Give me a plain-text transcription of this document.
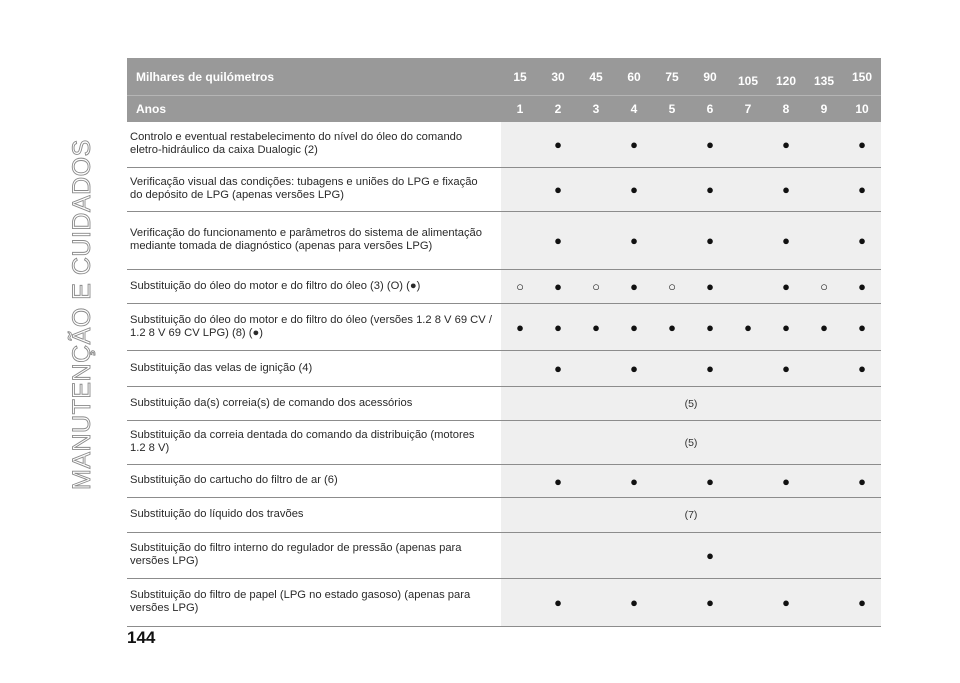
MANUTENÇÃO E CUIDADOS
Milhares de quilómetros	15	30	45	60	75	90	105	120	135	150
Anos	1	2	3	4	5	6	7	8	9	10
Controlo e eventual restabelecimento do nível do óleo do comando eletro-hidráulico da caixa Dualogic (2)		●		●		●		●		●
Verificação visual das condições: tubagens e uniões do LPG e fixação do depósito de LPG (apenas versões LPG)		●		●		●		●		●
Verificação do funcionamento e parâmetros do sistema de alimentação mediante tomada de diagnóstico (apenas para versões LPG)		●		●		●		●		●
Substituição do óleo do motor e do filtro do óleo (3) (O) (●)	○	●	○	●	○	●		●	○	●
Substituição do óleo do motor e do filtro do óleo (versões 1.2 8 V 69 CV / 1.2 8 V 69 CV LPG) (8) (●)	●	●	●	●	●	●	●	●	●	●
Substituição das velas de ignição (4)		●		●		●		●		●
Substituição da(s) correia(s) de comando dos acessórios	(5)									
Substituição da correia dentada do comando da distribuição (motores 1.2 8 V)	(5)									
Substituição do cartucho do filtro de ar (6)		●		●		●		●		●
Substituição do líquido dos travões	(7)									
Substituição do filtro interno do regulador de pressão (apenas para versões LPG)						●				
Substituição do filtro de papel (LPG no estado gasoso) (apenas para versões LPG)		●		●		●		●		●
144
